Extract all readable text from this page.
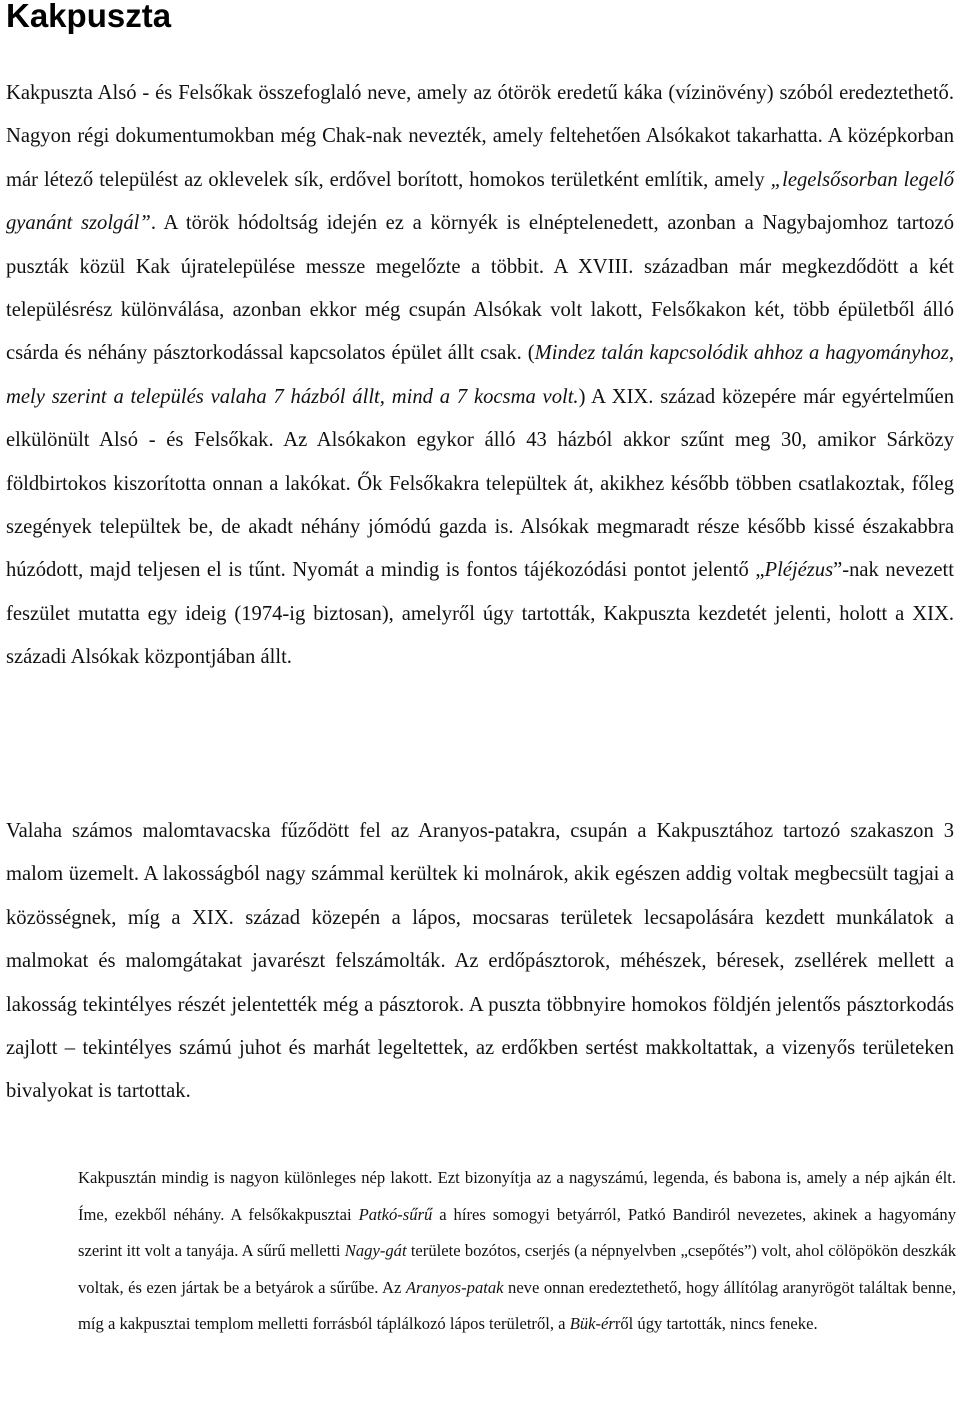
Kakpuszta

Kakpuszta Alsó - és Felsőkak összefoglaló neve, amely az ótörök eredetű káka (vízinövény) szóból eredeztethető. Nagyon régi dokumentumokban még Chak-nak nevezték, amely feltehetően Alsókakot takarhatta. A középkorban már létező települést az oklevelek sík, erdővel borított, homokos területként említik, amely „legelsősorban legelő gyanánt szolgál”. A török hódoltság idején ez a környék is elnéptelenedett, azonban a Nagybajomhoz tartozó puszták közül Kak újratelepülése messze megelőzte a többit. A XVIII. században már megkezdődött a két településrész különválása, azonban ekkor még csupán Alsókak volt lakott, Felsőkakon két, több épületből álló csárda és néhány pásztorkodással kapcsolatos épület állt csak. (Mindez talán kapcsolódik ahhoz a hagyományhoz, mely szerint a település valaha 7 házból állt, mind a 7 kocsma volt.) A XIX. század közepére már egyértelműen elkülönült Alsó - és Felsőkak. Az Alsókakon egykor álló 43 házból akkor szűnt meg 30, amikor Sárközy földbirtokos kiszorította onnan a lakókat. Ők Felsőkakra települtek át, akikhez később többen csatlakoztak, főleg szegények települtek be, de akadt néhány jómódú gazda is. Alsókak megmaradt része később kissé északabbra húzódott, majd teljesen el is tűnt. Nyomát a mindig is fontos tájékozódási pontot jelentő „Pléjézus”-nak nevezett feszület mutatta egy ideig (1974-ig biztosan), amelyről úgy tartották, Kakpuszta kezdetét jelenti, holott a XIX. századi Alsókak központjában állt.

Valaha számos malomtavacska fűződött fel az Aranyos-patakra, csupán a Kakpusztához tartozó szakaszon 3 malom üzemelt. A lakosságból nagy számmal kerültek ki molnárok, akik egészen addig voltak megbecsült tagjai a közösségnek, míg a XIX. század közepén a lápos, mocsaras területek lecsapolására kezdett munkálatok a malmokat és malomgátakat javarészt felszámolták. Az erdőpásztorok, méhészek, béresek, zsellérek mellett a lakosság tekintélyes részét jelentették még a pásztorok. A puszta többnyire homokos földjén jelentős pásztorkodás zajlott – tekintélyes számú juhot és marhát legeltettek, az erdőkben sertést makkoltattak, a vizenyős területeken bivalyokat is tartottak.

Kakpusztán mindig is nagyon különleges nép lakott. Ezt bizonyítja az a nagyszámú, legenda, és babona is, amely a nép ajkán élt. Íme, ezekből néhány. A felsőkakpusztai Patkó-sűrű a híres somogyi betyárról, Patkó Bandiról nevezetes, akinek a hagyomány szerint itt volt a tanyája. A sűrű melletti Nagy-gát területe bozótos, cserjés (a népnyelvben „csepőtés”) volt, ahol cölöpökön deszkák voltak, és ezen jártak be a betyárok a sűrűbe. Az Aranyos-patak neve onnan eredeztethető, hogy állítólag aranyrögöt találtak benne, míg a kakpusztai templom melletti forrásból táplálkozó lápos területről, a Bük-érről úgy tartották, nincs feneke.
